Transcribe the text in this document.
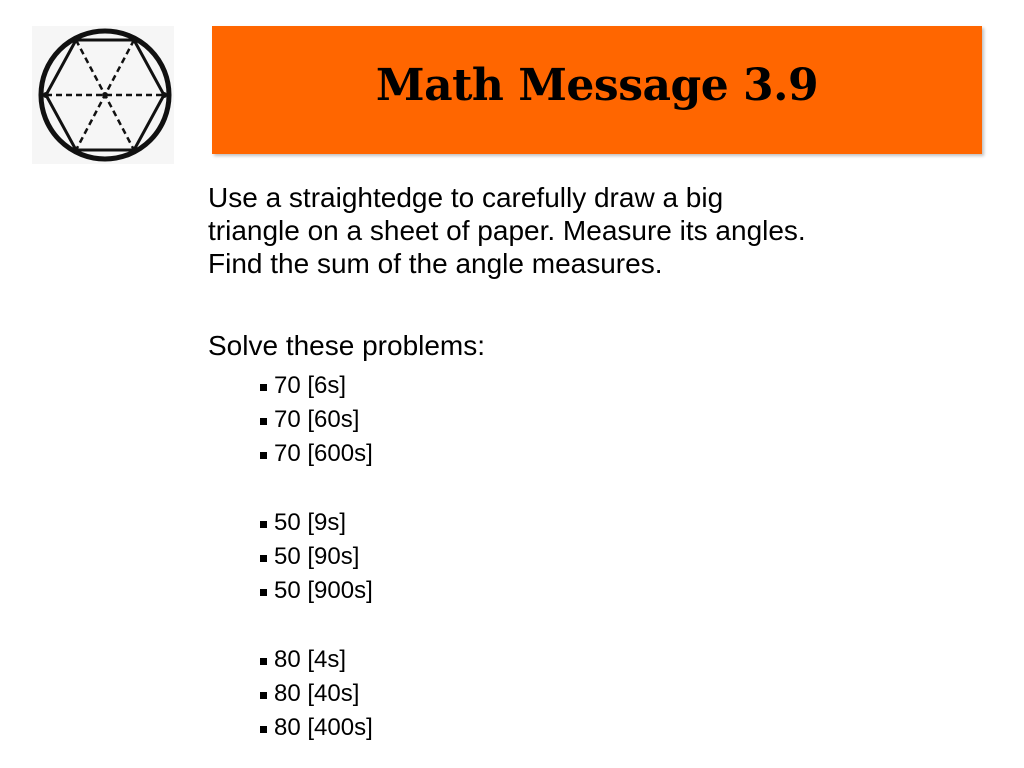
Math Message 3.9

Use a straightedge to carefully draw a big
triangle on a sheet of paper. Measure its angles.
Find the sum of the angle measures.

Solve these problems:

70 [6s]
70 [60s]
70 [600s]
50 [9s]
50 [90s]
50 [900s]
80 [4s]
80 [40s]
80 [400s]
